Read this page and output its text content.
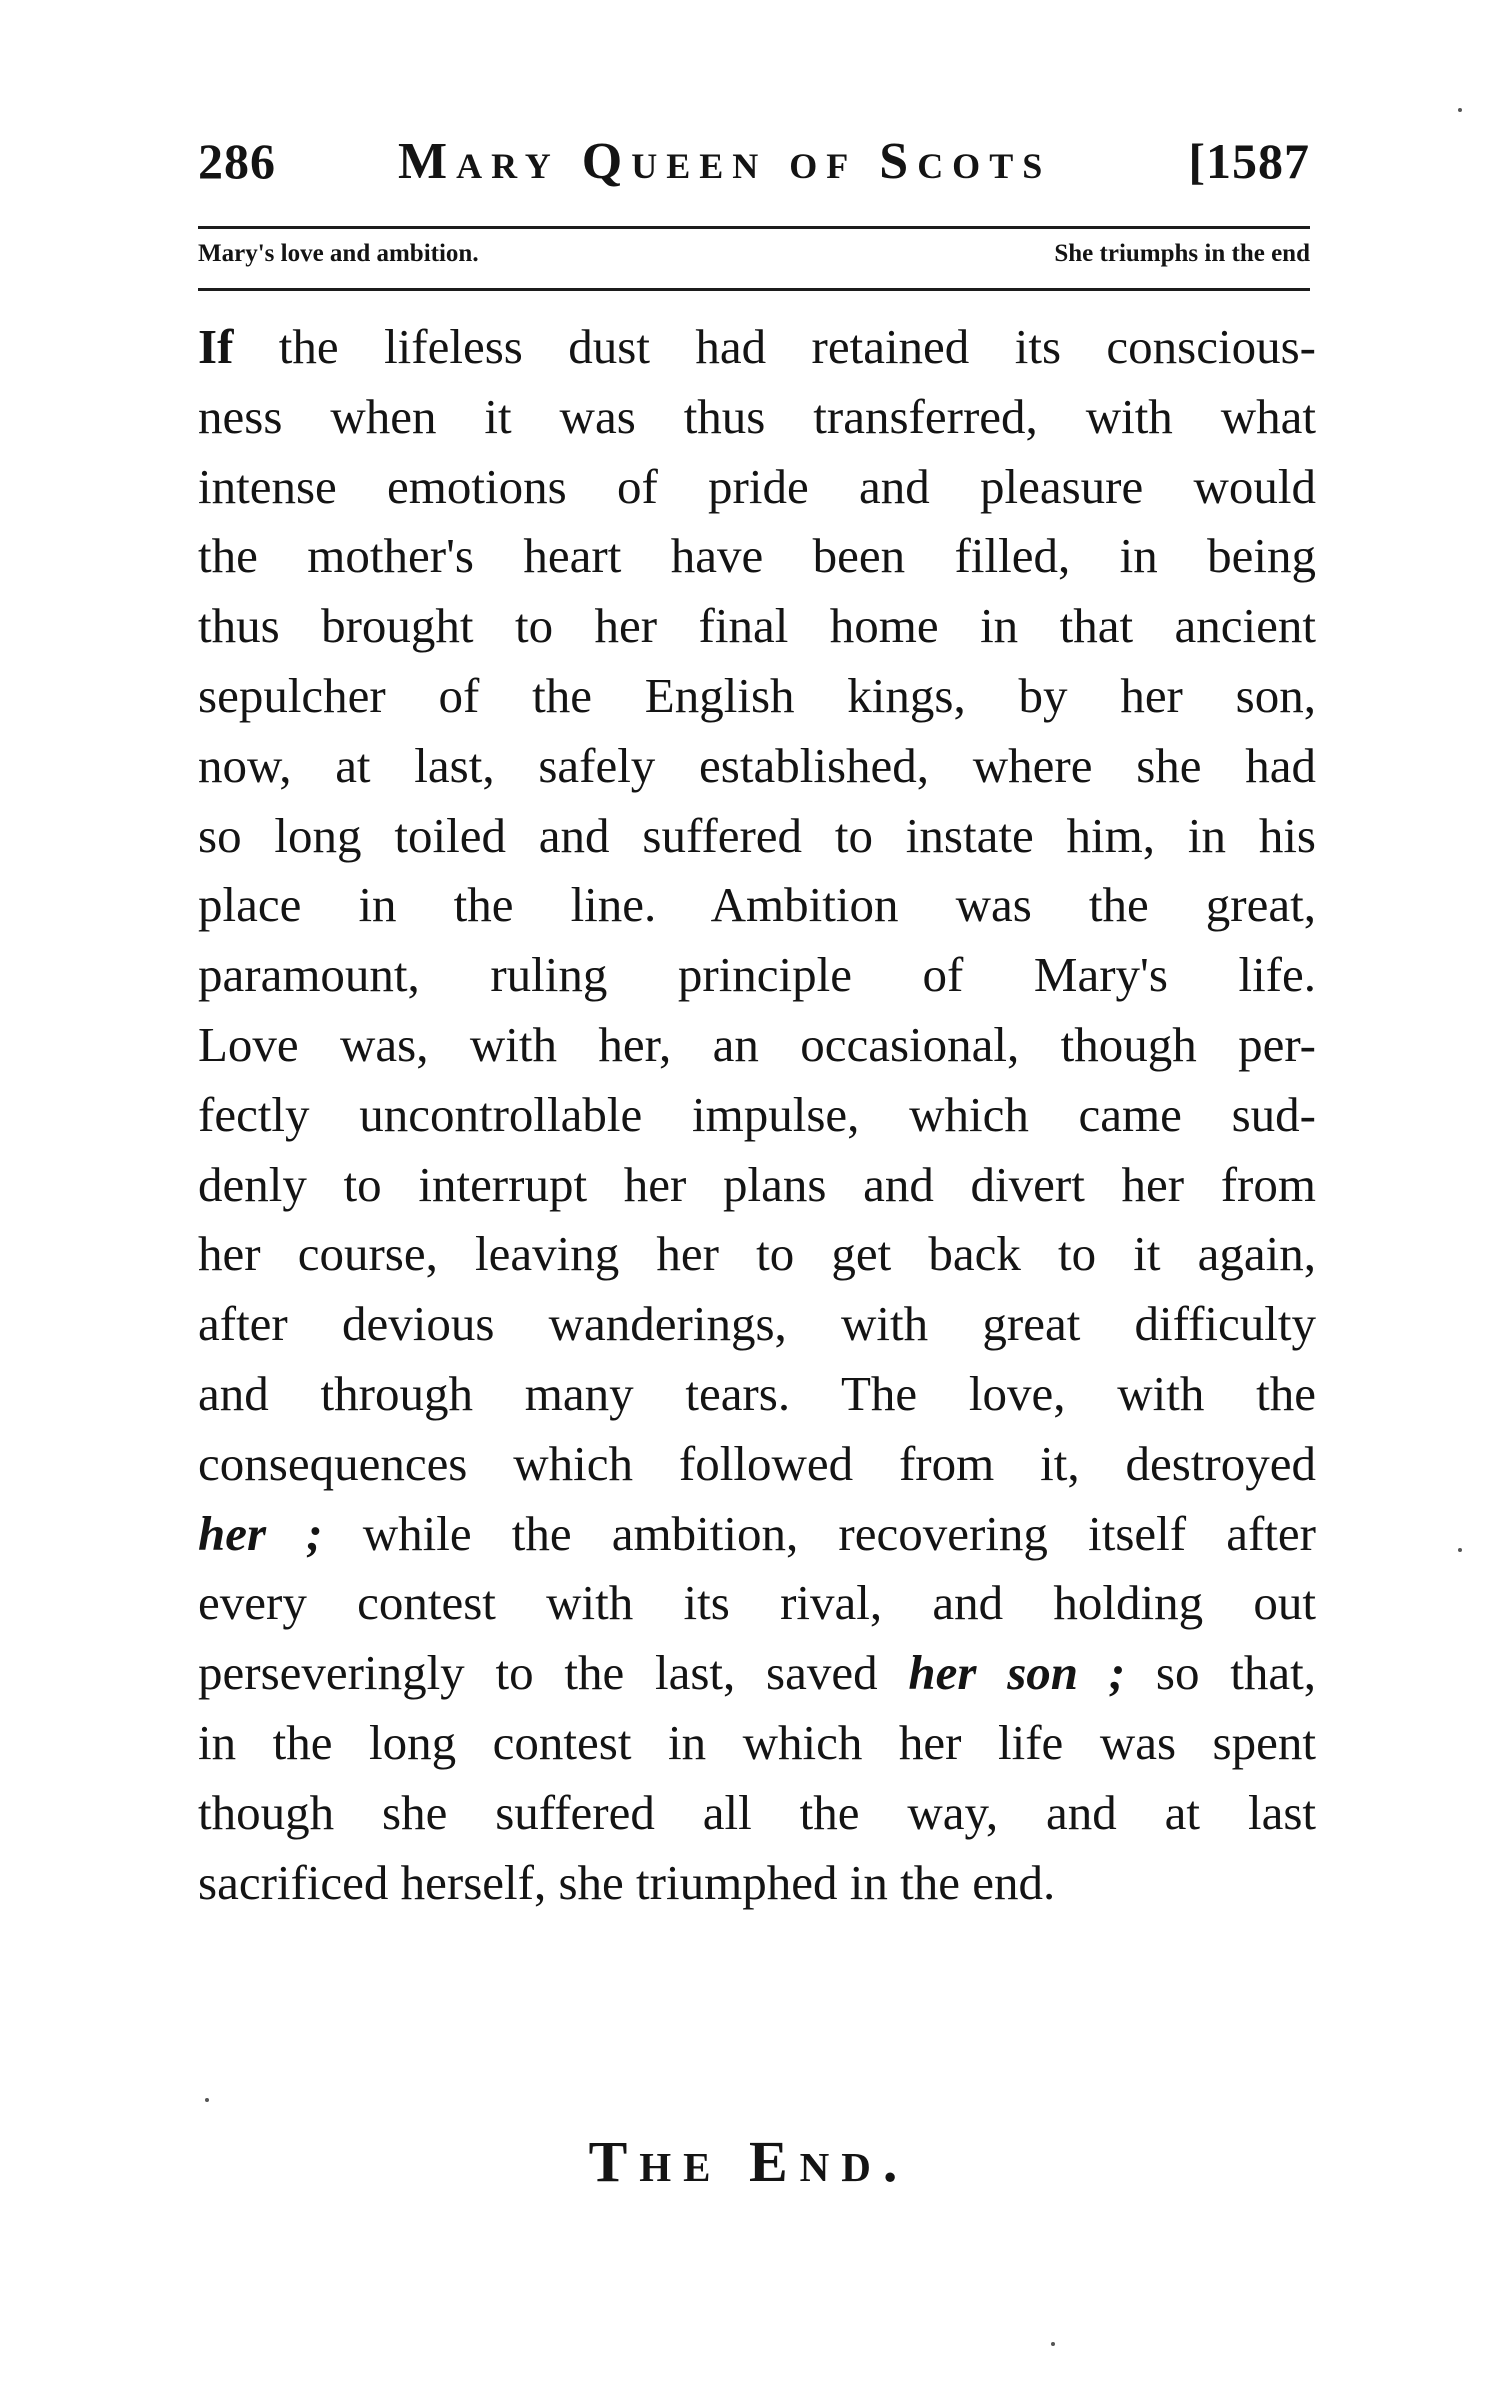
286 Mary Queen of Scots	[1587
Mary's love and ambition.	She triumphs in the end
If the lifeless dust had retained its conscious-
ness when it was thus transferred, with what
intense emotions of pride and pleasure would
the mother's heart have been filled, in being
thus brought to her final home in that ancient
sepulcher of the English kings, by her son,
now, at last, safely established, where she had
so long toiled and suffered to instate him, in his
place in the line. Ambition was the great,
paramount, ruling principle of Mary's life.
Love was, with her, an occasional, though per-
fectly uncontrollable impulse, which came sud-
denly to interrupt her plans and divert her from
her course, leaving her to get back to it again,
after devious wanderings, with great difficulty
and through many tears. The love, with the
consequences which followed from it, destroyed
her ; while the ambition, recovering itself after
every contest with its rival, and holding out
perseveringly to the last, saved her son ; so that,
in the long contest in which her life was spent
though she suffered all the way, and at last
sacrificed herself, she triumphed in the end.
The End.
